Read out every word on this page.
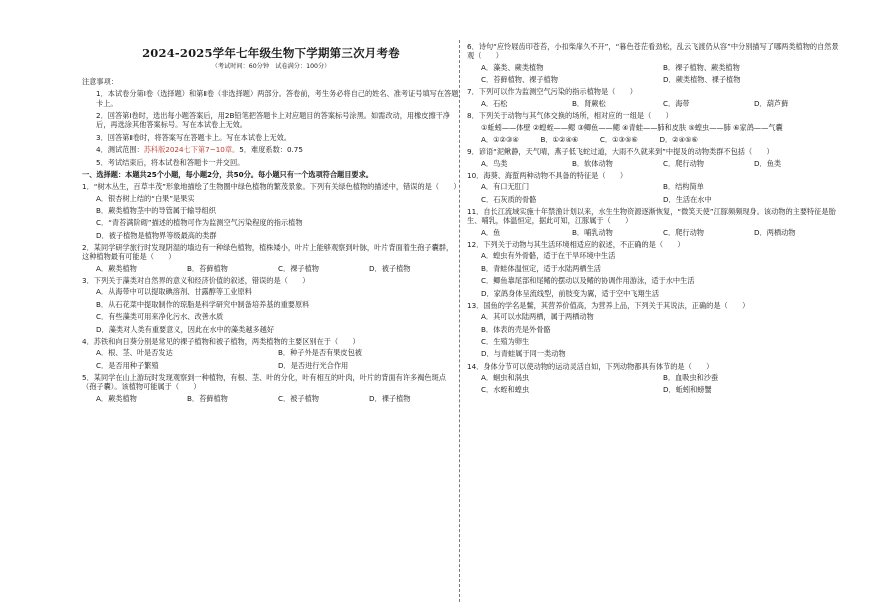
2024-2025学年七年级生物下学期第三次月考卷
（考试时间：60分钟　试卷满分：100分）
注意事项：
1．本试卷分第Ⅰ卷（选择题）和第Ⅱ卷（非选择题）两部分。答卷前，考生务必将自己的姓名、准考证号填写在答题卡上。
2．回答第Ⅰ卷时，选出每小题答案后，用2B铅笔把答题卡上对应题目的答案标号涂黑。如需改动，用橡皮擦干净后，再选涂其他答案标号。写在本试卷上无效。
3．回答第Ⅱ卷时，将答案写在答题卡上。写在本试卷上无效。
4．测试范围：苏科版2024七下第7~10章。5．难度系数：0.75
5．考试结束后，将本试卷和答题卡一并交回。
一、选择题：本题共25个小题，每小题2分，共50分。每小题只有一个选项符合题目要求。
1．“树木丛生，百草丰茂”形象地描绘了生物圈中绿色植物的繁茂景象。下列有关绿色植物的描述中，错误的是（　　）
A．银杏树上结的“白果”是果实
B．蕨类植物茎中的导管属于输导组织
C．“青苔满阶砌”描述的植物可作为监测空气污染程度的指示植物
D．被子植物是植物界等级最高的类群
2．某同学研学旅行时发现阴湿的墙边有一种绿色植物，植株矮小，叶片上能够观察到叶脉，叶片背面着生孢子囊群，这种植物最有可能是（　　）
A．蕨类植物	B．苔藓植物	C．裸子植物	D．被子植物
3．下列关于藻类对自然界的意义和经济价值的叙述，错误的是（　　）
A．从海带中可以提取碘溶剂、甘露醇等工业原料
B．从石花菜中提取制作的琼脂是科学研究中制备培养基的重要原料
C．有些藻类可用来净化污水、改善水质
D．藻类对人类有重要意义，因此在水中的藻类越多越好
4．苏铁和向日葵分别是常见的裸子植物和被子植物，两类植物的主要区别在于（　　）
A．根、茎、叶是否发达	B．种子外是否有果皮包被
C．是否用种子繁殖	D．是否进行光合作用
5．某同学在山上游玩时发现观察到一种植物，有根、茎、叶的分化，叶有相互的叶肉，叶片的背面有许多褐色斑点（孢子囊）。该植物可能属于（　　）
A．蕨类植物	B．苔藓植物	C．被子植物	D．裸子植物
6．诗句“应怜屐齿印苍苔，小扣柴扉久不开”，“暮色苍茫看劲松，乱云飞渡仍从容”中分别描写了哪两类植物的自然景观（　　）
A．藻类、蕨类植物	B．裸子植物、蕨类植物
C．苔藓植物、裸子植物	D．蕨类植物、裸子植物
7．下列可以作为监测空气污染的指示植物是（　　）
A．石松	B．肾蕨松	C．海带	D．葫芦藓
8．下列关于动物与其气体交换的场所，相对应的一组是（　　）
①蚯蚓——体壁 ②蝗蛭——鳃 ③鲫鱼——鳃 ④青蛙——肺和皮肤 ⑤蝗虫——肺 ⑥家鸽——气囊
A．①②③④　　　B．①②④⑥　　　C．①③⑤⑥　　　D．②④⑤⑥
9．谚语“泥鳅静，天气晴，燕子低飞蛇过道，大雨不久就来到”中提及的动物类群不包括（　　）
A．鸟类	B．软体动物	C．爬行动物	D．鱼类
10．海葵、海蜇两种动物不具备的特征是（　　）
A．有口无肛门	B．结构简单
C．石灰质的骨骼	D．生活在水中
11．自长江流域实施十年禁渔计划以来，水生生物资源逐渐恢复，“微笑天使”江豚频频现身。该动物的主要特征是胎生、哺乳，体温恒定，据此可知，江豚属于（　　）
A．鱼	B．哺乳动物	C．爬行动物	D．两栖动物
12．下列关于动物与其生活环境相适应的叙述，不正确的是（　　）
A．蝗虫有外骨骼，适于在干旱环境中生活
B．青蛙体温恒定，适于水陆两栖生活
C．鲫鱼靠尾部和尾鳍的摆动以及鳍的协调作用游泳，适于水中生活
D．家鸽身体呈流线型，前肢变为翼，适于空中飞翔生活
13．国鱼的学名是鳖，其营养价值高，为营养上品，下列关于其说法，正确的是（　　）
A．其可以水陆两栖，属于两栖动物
B．体表的壳是外骨骼
C．生殖为卵生
D．与青蛙属于同一类动物
14．身体分节可以使动物的运动灵活自如，下列动物都具有体节的是（　　）
A．蛔虫和涡虫	B．血吸虫和沙蚕
C．水蛭和蝗虫	D．蚯蚓和螃蟹
